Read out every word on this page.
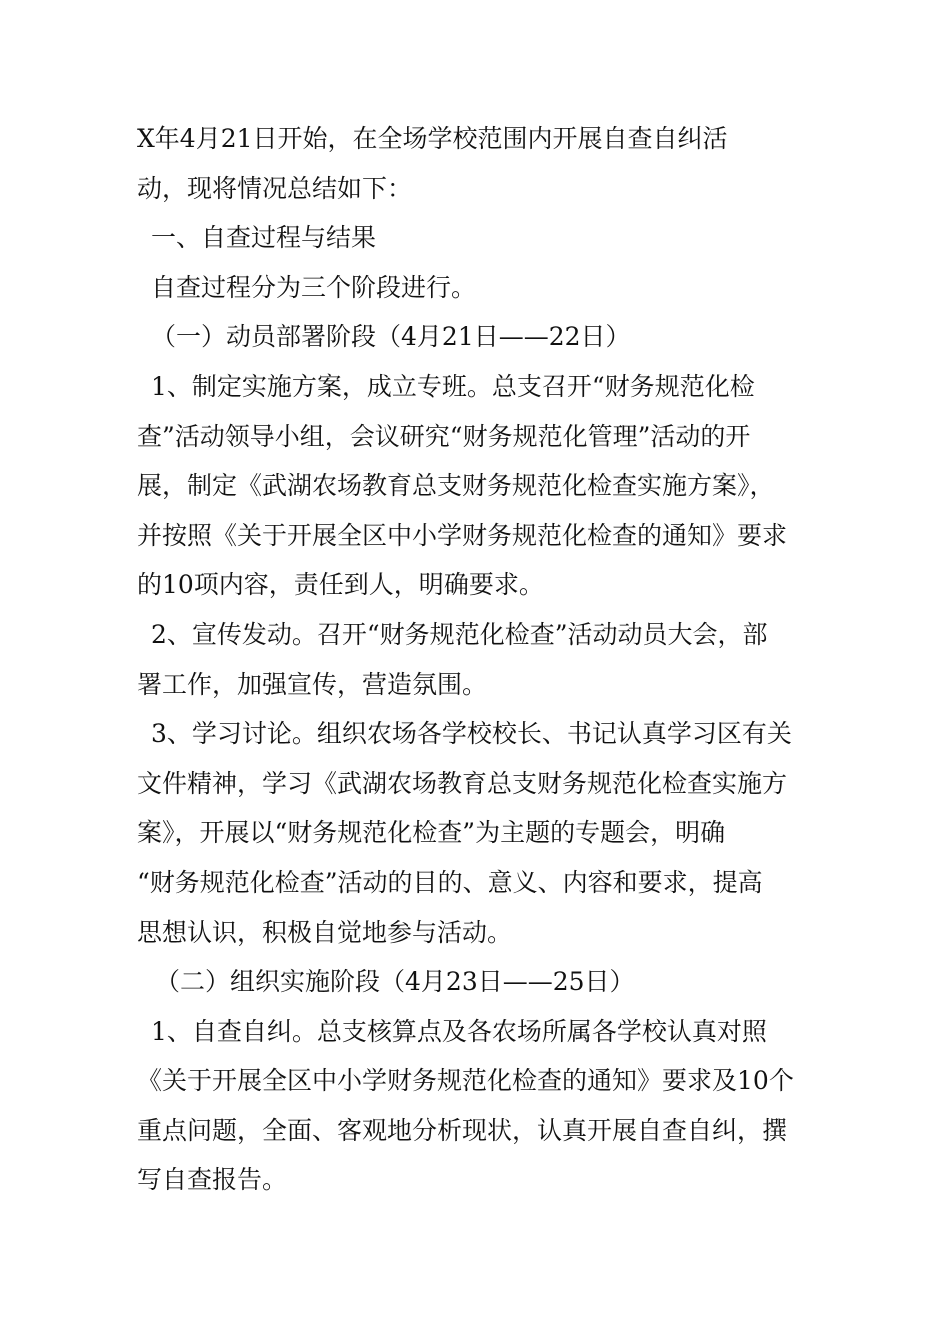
X年4月21日开始，在全场学校范围内开展自查自纠活
动，现将情况总结如下：
一、自查过程与结果
自查过程分为三个阶段进行。
（一）动员部署阶段（4月21日——22日）
1、制定实施方案，成立专班。总支召开“财务规范化检
查”活动领导小组，会议研究“财务规范化管理”活动的开
展，制定《武湖农场教育总支财务规范化检查实施方案》，
并按照《关于开展全区中小学财务规范化检查的通知》要求
的10项内容，责任到人，明确要求。
2、宣传发动。召开“财务规范化检查”活动动员大会，部
署工作，加强宣传，营造氛围。
3、学习讨论。组织农场各学校校长、书记认真学习区有关
文件精神，学习《武湖农场教育总支财务规范化检查实施方
案》，开展以“财务规范化检查”为主题的专题会，明确
“财务规范化检查”活动的目的、意义、内容和要求，提高
思想认识，积极自觉地参与活动。
（二）组织实施阶段（4月23日——25日）
1、自查自纠。总支核算点及各农场所属各学校认真对照
《关于开展全区中小学财务规范化检查的通知》要求及10个
重点问题，全面、客观地分析现状，认真开展自查自纠，撰
写自查报告。
